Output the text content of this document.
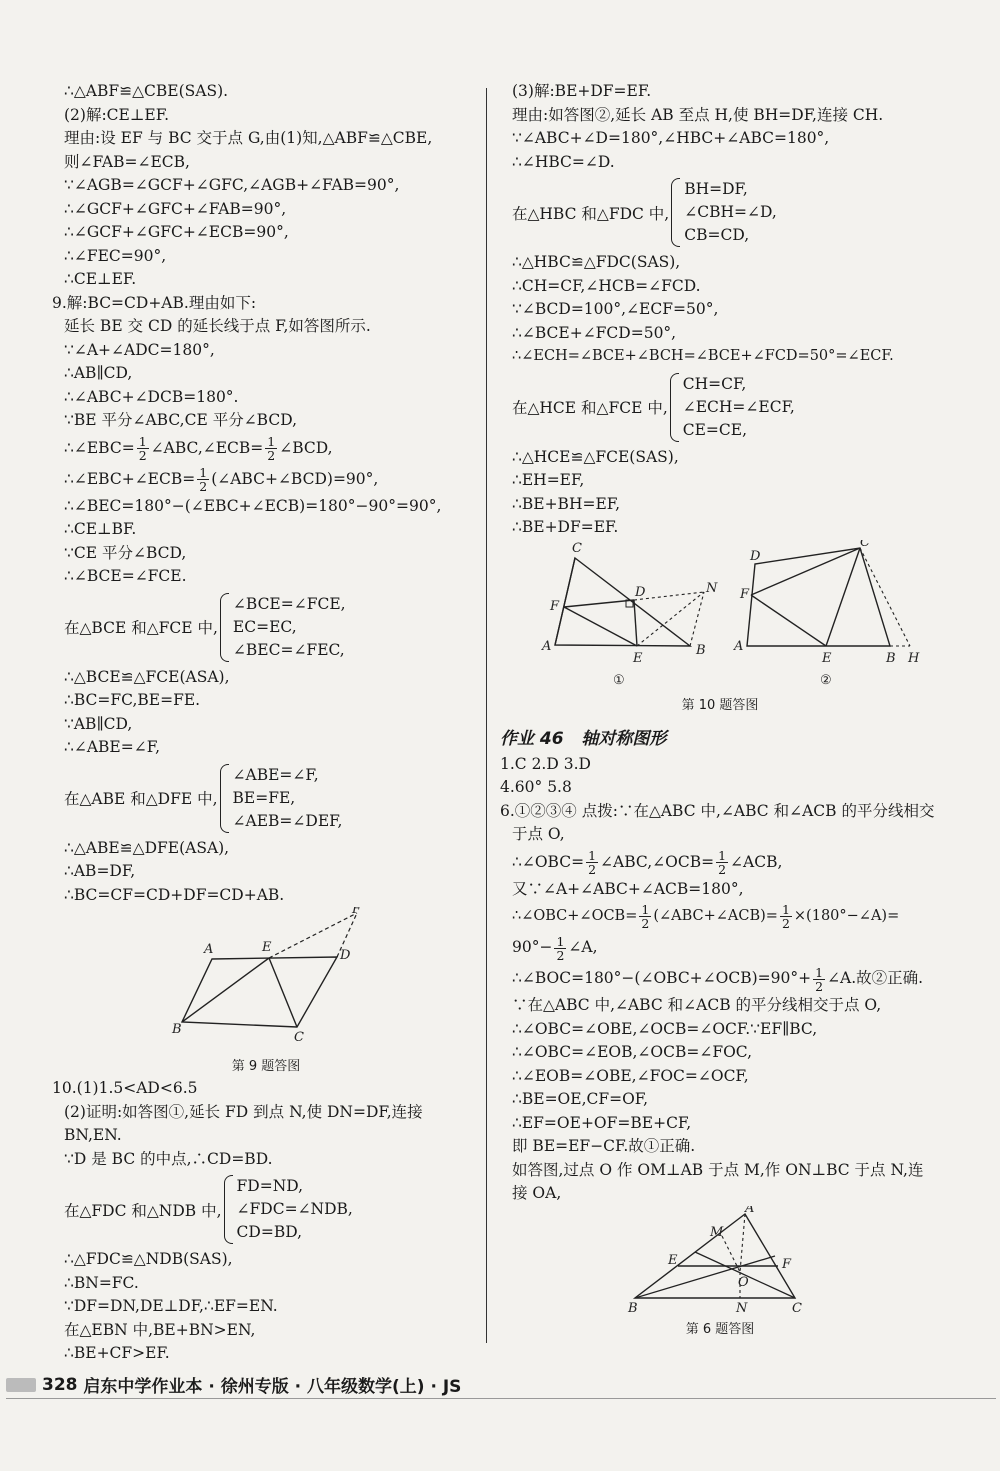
∴△ABF≌△CBE(SAS).
(2)解:CE⊥EF.
理由:设 EF 与 BC 交于点 G,由(1)知,△ABF≌△CBE,
则∠FAB=∠ECB,
∵∠AGB=∠GCF+∠GFC,∠AGB+∠FAB=90°,
∴∠GCF+∠GFC+∠FAB=90°,
∴∠GCF+∠GFC+∠ECB=90°,
∴∠FEC=90°,
∴CE⊥EF.
9.解:BC=CD+AB.理由如下:
延长 BE 交 CD 的延长线于点 F,如答图所示.
∵∠A+∠ADC=180°,
∴AB∥CD,
∴∠ABC+∠DCB=180°.
∵BE 平分∠ABC,CE 平分∠BCD,
∴∠EBC= $\frac{1}{2}$ ∠ABC,∠ECB= $\frac{1}{2}$ ∠BCD,
∴∠EBC+∠ECB= $\frac{1}{2}$ (∠ABC+∠BCD)=90°,
∴∠BEC=180°−(∠EBC+∠ECB)=180°−90°=90°,
∴CE⊥BF.
∵CE 平分∠BCD,
∴∠BCE=∠FCE.
在△BCE 和△FCE 中,
∠BCE=∠FCE,
EC=EC,
∠BEC=∠FEC,
∴△BCE≌△FCE(ASA),
∴BC=FC,BE=FE.
∵AB∥CD,
∴∠ABE=∠F,
在△ABE 和△DFE 中,
∠ABE=∠F,
BE=FE,
∠AEB=∠DEF,
∴△ABE≌△DFE(ASA),
∴AB=DF,
∴BC=CF=CD+DF=CD+AB.
A	E
D
F
B
C
第 9 题答图
10.(1)1.5<AD<6.5
(2)证明:如答图①,延长 FD 到点 N,使 DN=DF,连接
BN,EN.
∵D 是 BC 的中点,∴CD=BD.
在△FDC 和△NDB 中,
FD=ND,
∠FDC=∠NDB,
CD=BD,
∴△FDC≌△NDB(SAS),
∴BN=FC.
∵DF=DN,DE⊥DF,∴EF=EN.
在△EBN 中,BE+BN>EN,
∴BE+CF>EF.
(3)解:BE+DF=EF.
理由:如答图②,延长 AB 至点 H,使 BH=DF,连接 CH.
∵∠ABC+∠D=180°,∠HBC+∠ABC=180°,
∴∠HBC=∠D.
在△HBC 和△FDC 中,
BH=DF,
∠CBH=∠D,
CB=CD,
∴△HBC≌△FDC(SAS),
∴CH=CF,∠HCB=∠FCD.
∵∠BCD=100°,∠ECF=50°,
∴∠BCE+∠FCD=50°,
∴∠ECH=∠BCE+∠BCH=∠BCE+∠FCD=50°=∠ECF.
在△HCE 和△FCE 中,
CH=CF,
∠ECH=∠ECF,
CE=CE,
∴△HCE≌△FCE(SAS),
∴EH=EF,
∴BE+BH=EF,
∴BE+DF=EF.
C
D	N
F
A
E
B
①
D
C
F
A
E	B H
②
第 10 题答图
作业 46 轴对称图形
1.C 2.D 3.D
4.60° 5.8
6.①②③④ 点拨:∵在△ABC 中,∠ABC 和∠ACB 的平分线相交
于点 O,
∴∠OBC= $\frac{1}{2}$ ∠ABC,∠OCB= $\frac{1}{2}$ ∠ACB,
又∵∠A+∠ABC+∠ACB=180°,
∴∠OBC+∠OCB= $\frac{1}{2}$ (∠ABC+∠ACB)= $\frac{1}{2}$ ×(180°−∠A)=
$90^\circ- \frac{1}{2}$ ∠A,
∴∠BOC=180°−(∠OBC+∠OCB)=90°+ $\frac{1}{2}$ ∠A.故②正确.
∵在△ABC 中,∠ABC 和∠ACB 的平分线相交于点 O,
∴∠OBC=∠OBE,∠OCB=∠OCF.∵EF∥BC,
∴∠OBC=∠EOB,∠OCB=∠FOC,
∴∠EOB=∠OBE,∠FOC=∠OCF,
∴BE=OE,CF=OF,
∴EF=OE+OF=BE+CF,
即 BE=EF−CF.故①正确.
如答图,过点 O 作 OM⊥AB 于点 M,作 ON⊥BC 于点 N,连
接 OA,
A
M
E	F
O
B	N	C
第 6 题答图
328
启东中学作业本 · 徐州专版 · 八年级数学(上) · JS
